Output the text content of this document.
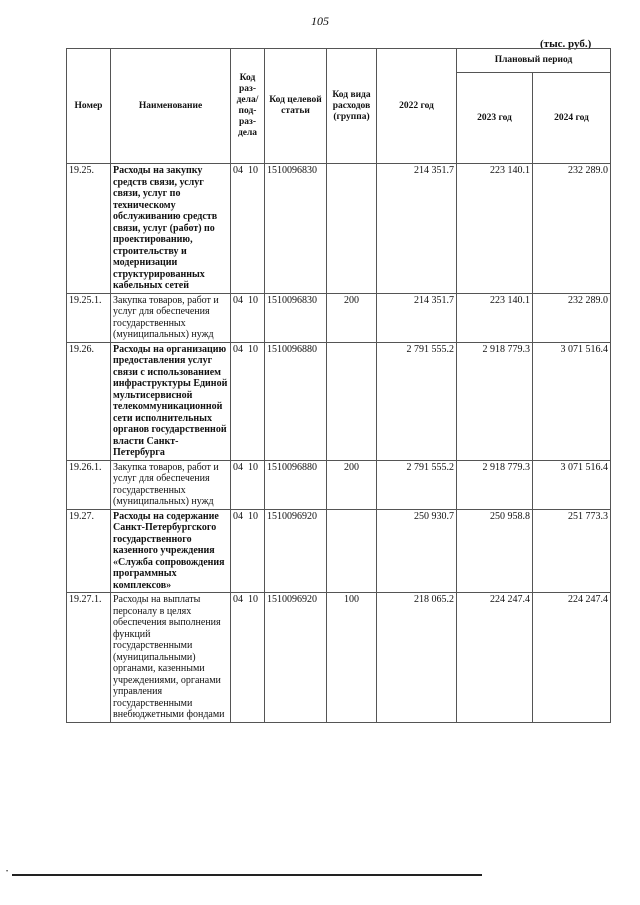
105
(тыс. руб.)
Номер	Наименование	Код раз-дела/ под-раз-дела	Код целевой статьи	Код вида расходов (группа)	2022 год	Плановый период	
						2023 год	2024 год
19.25.	Расходы на закупку средств связи, услуг связи, услуг по техническому обслуживанию средств связи, услуг (работ) по проектированию, строительству и модернизации структурированных кабельных сетей	04 10	1510096830		214 351.7	223 140.1	232 289.0
19.25.1.	Закупка товаров, работ и услуг для обеспечения государственных (муниципальных) нужд	04 10	1510096830	200	214 351.7	223 140.1	232 289.0
19.26.	Расходы на организацию предоставления услуг связи с использованием инфраструктуры Единой мультисервисной телекоммуникационной сети исполнительных органов государственной власти Санкт-Петербурга	04 10	1510096880		2 791 555.2	2 918 779.3	3 071 516.4
19.26.1.	Закупка товаров, работ и услуг для обеспечения государственных (муниципальных) нужд	04 10	1510096880	200	2 791 555.2	2 918 779.3	3 071 516.4
19.27.	Расходы на содержание Санкт-Петербургского государственного казенного учреждения «Служба сопровождения программных комплексов»	04 10	1510096920		250 930.7	250 958.8	251 773.3
19.27.1.	Расходы на выплаты персоналу в целях обеспечения выполнения функций государственными (муниципальными) органами, казенными учреждениями, органами управления государственными внебюджетными фондами	04 10	1510096920	100	218 065.2	224 247.4	224 247.4
•
